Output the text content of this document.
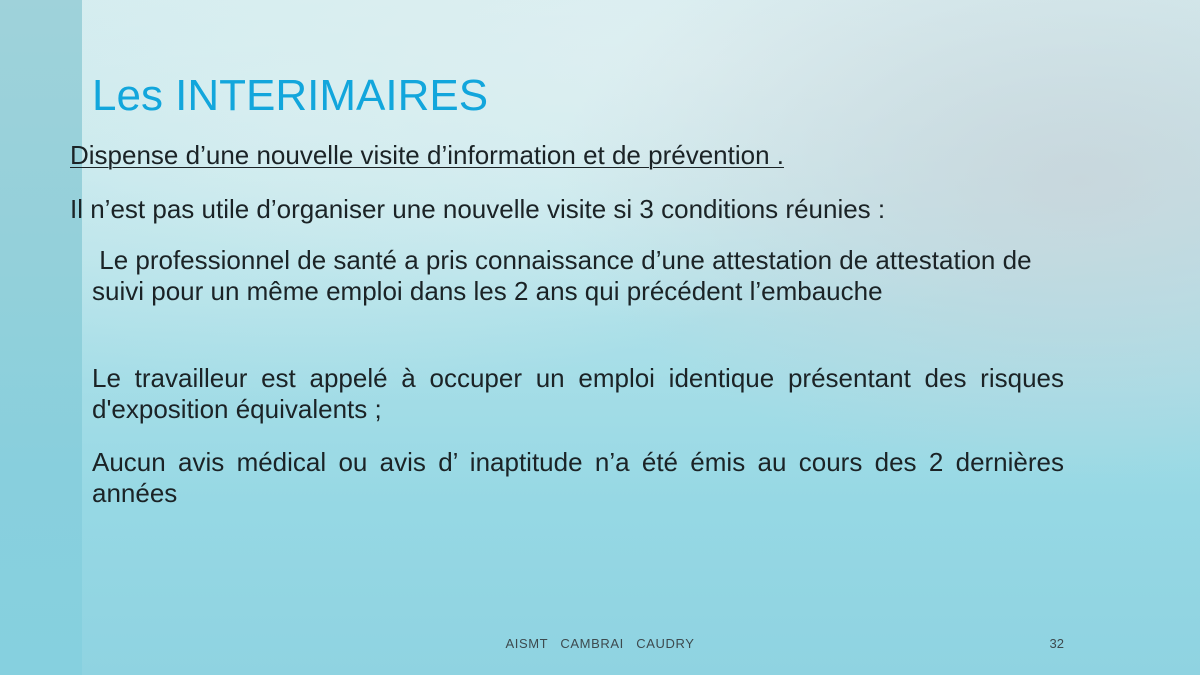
Les INTERIMAIRES

Dispense d’une nouvelle visite d’information et de prévention .

Il n’est pas utile d’organiser une nouvelle visite si 3 conditions réunies :

Le professionnel de santé a pris connaissance d’une attestation de attestation de suivi pour un même emploi dans les 2 ans qui précédent l’embauche

Le travailleur est appelé à occuper un emploi identique présentant des risques d'exposition équivalents ;

Aucun avis médical ou avis d’ inaptitude n’a été émis au cours des 2 dernières années

AISMT  CAMBRAI  CAUDRY	32
